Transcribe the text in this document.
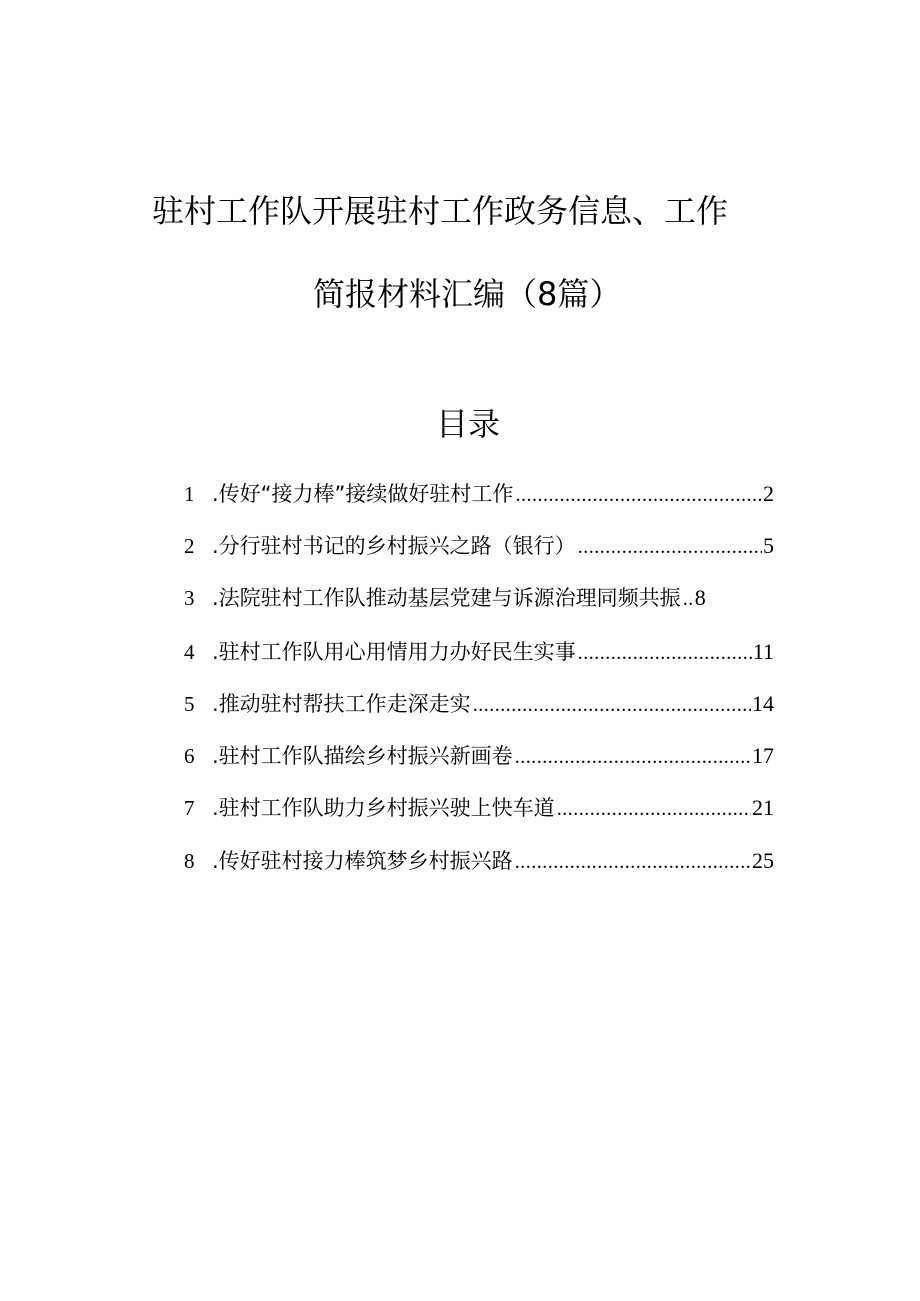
驻村工作队开展驻村工作政务信息、工作
简报材料汇编（8篇）
目录
1 .传好“接力棒”接续做好驻村工作 .....	2
2 .分行驻村书记的乡村振兴之路（银行） .....	5
3 .法院驻村工作队推动基层党建与诉源治理同频共振 .. 8
4 .驻村工作队用心用情用力办好民生实事 .....	11
5 .推动驻村帮扶工作走深走实 .....	14
6 .驻村工作队描绘乡村振兴新画卷 .....	17
7 .驻村工作队助力乡村振兴驶上快车道 .....	21
8 .传好驻村接力棒筑梦乡村振兴路 .....	25
